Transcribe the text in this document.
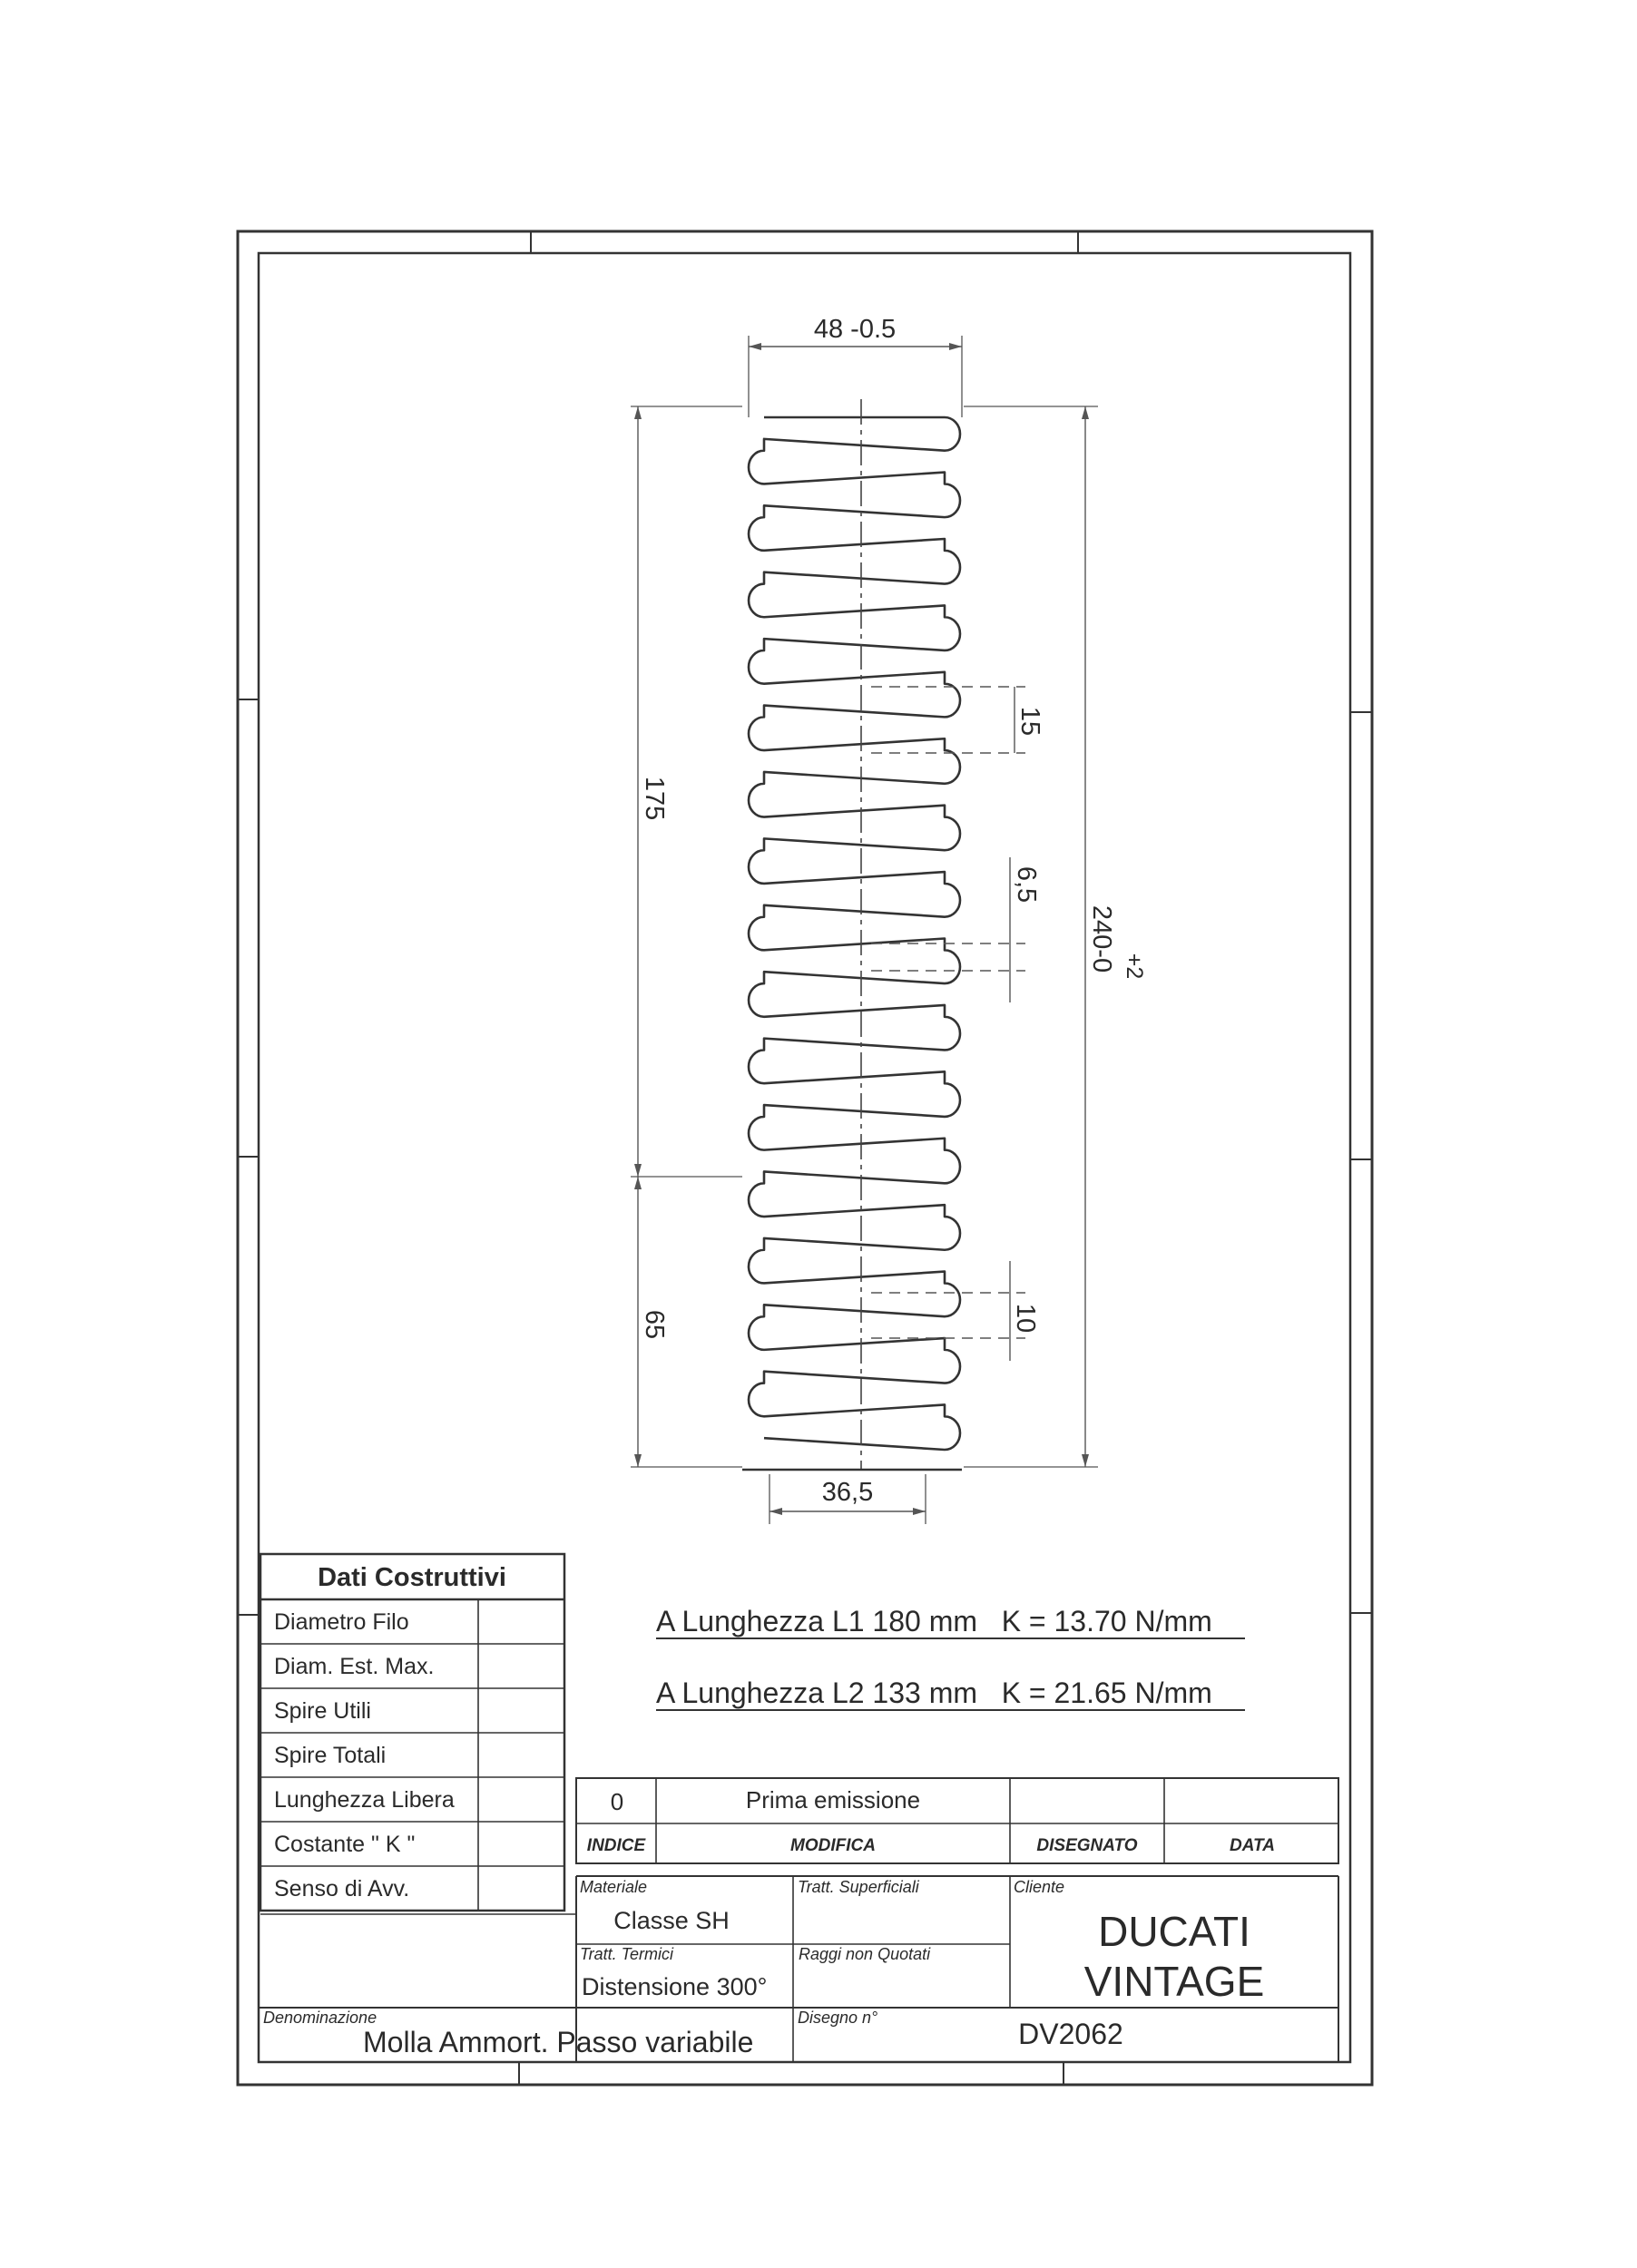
48 -0.5
240-0 +2
175
65
15
6,5
10
36,5
Diametro Filo
Diam. Est. Max.
Spire Utili
Spire Totali
Lunghezza Libera
Costante " K "
Senso di Avv.
Dati Costruttivi
A Lunghezza L1 180 mm   K = 13.70 N/mm
A Lunghezza L2 133 mm   K = 21.65 N/mm
0	Prima emissione
INDICE	MODIFICA	DISEGNATO	DATA
Materiale
Classe SH
Tratt. Superficiali	Cliente
DUCATI
VINTAGE
Tratt. Termici
Distensione 300°
Raggi non Quotati
Denominazione
Molla Ammort. Passo variabile
Disegno n°	DV2062
